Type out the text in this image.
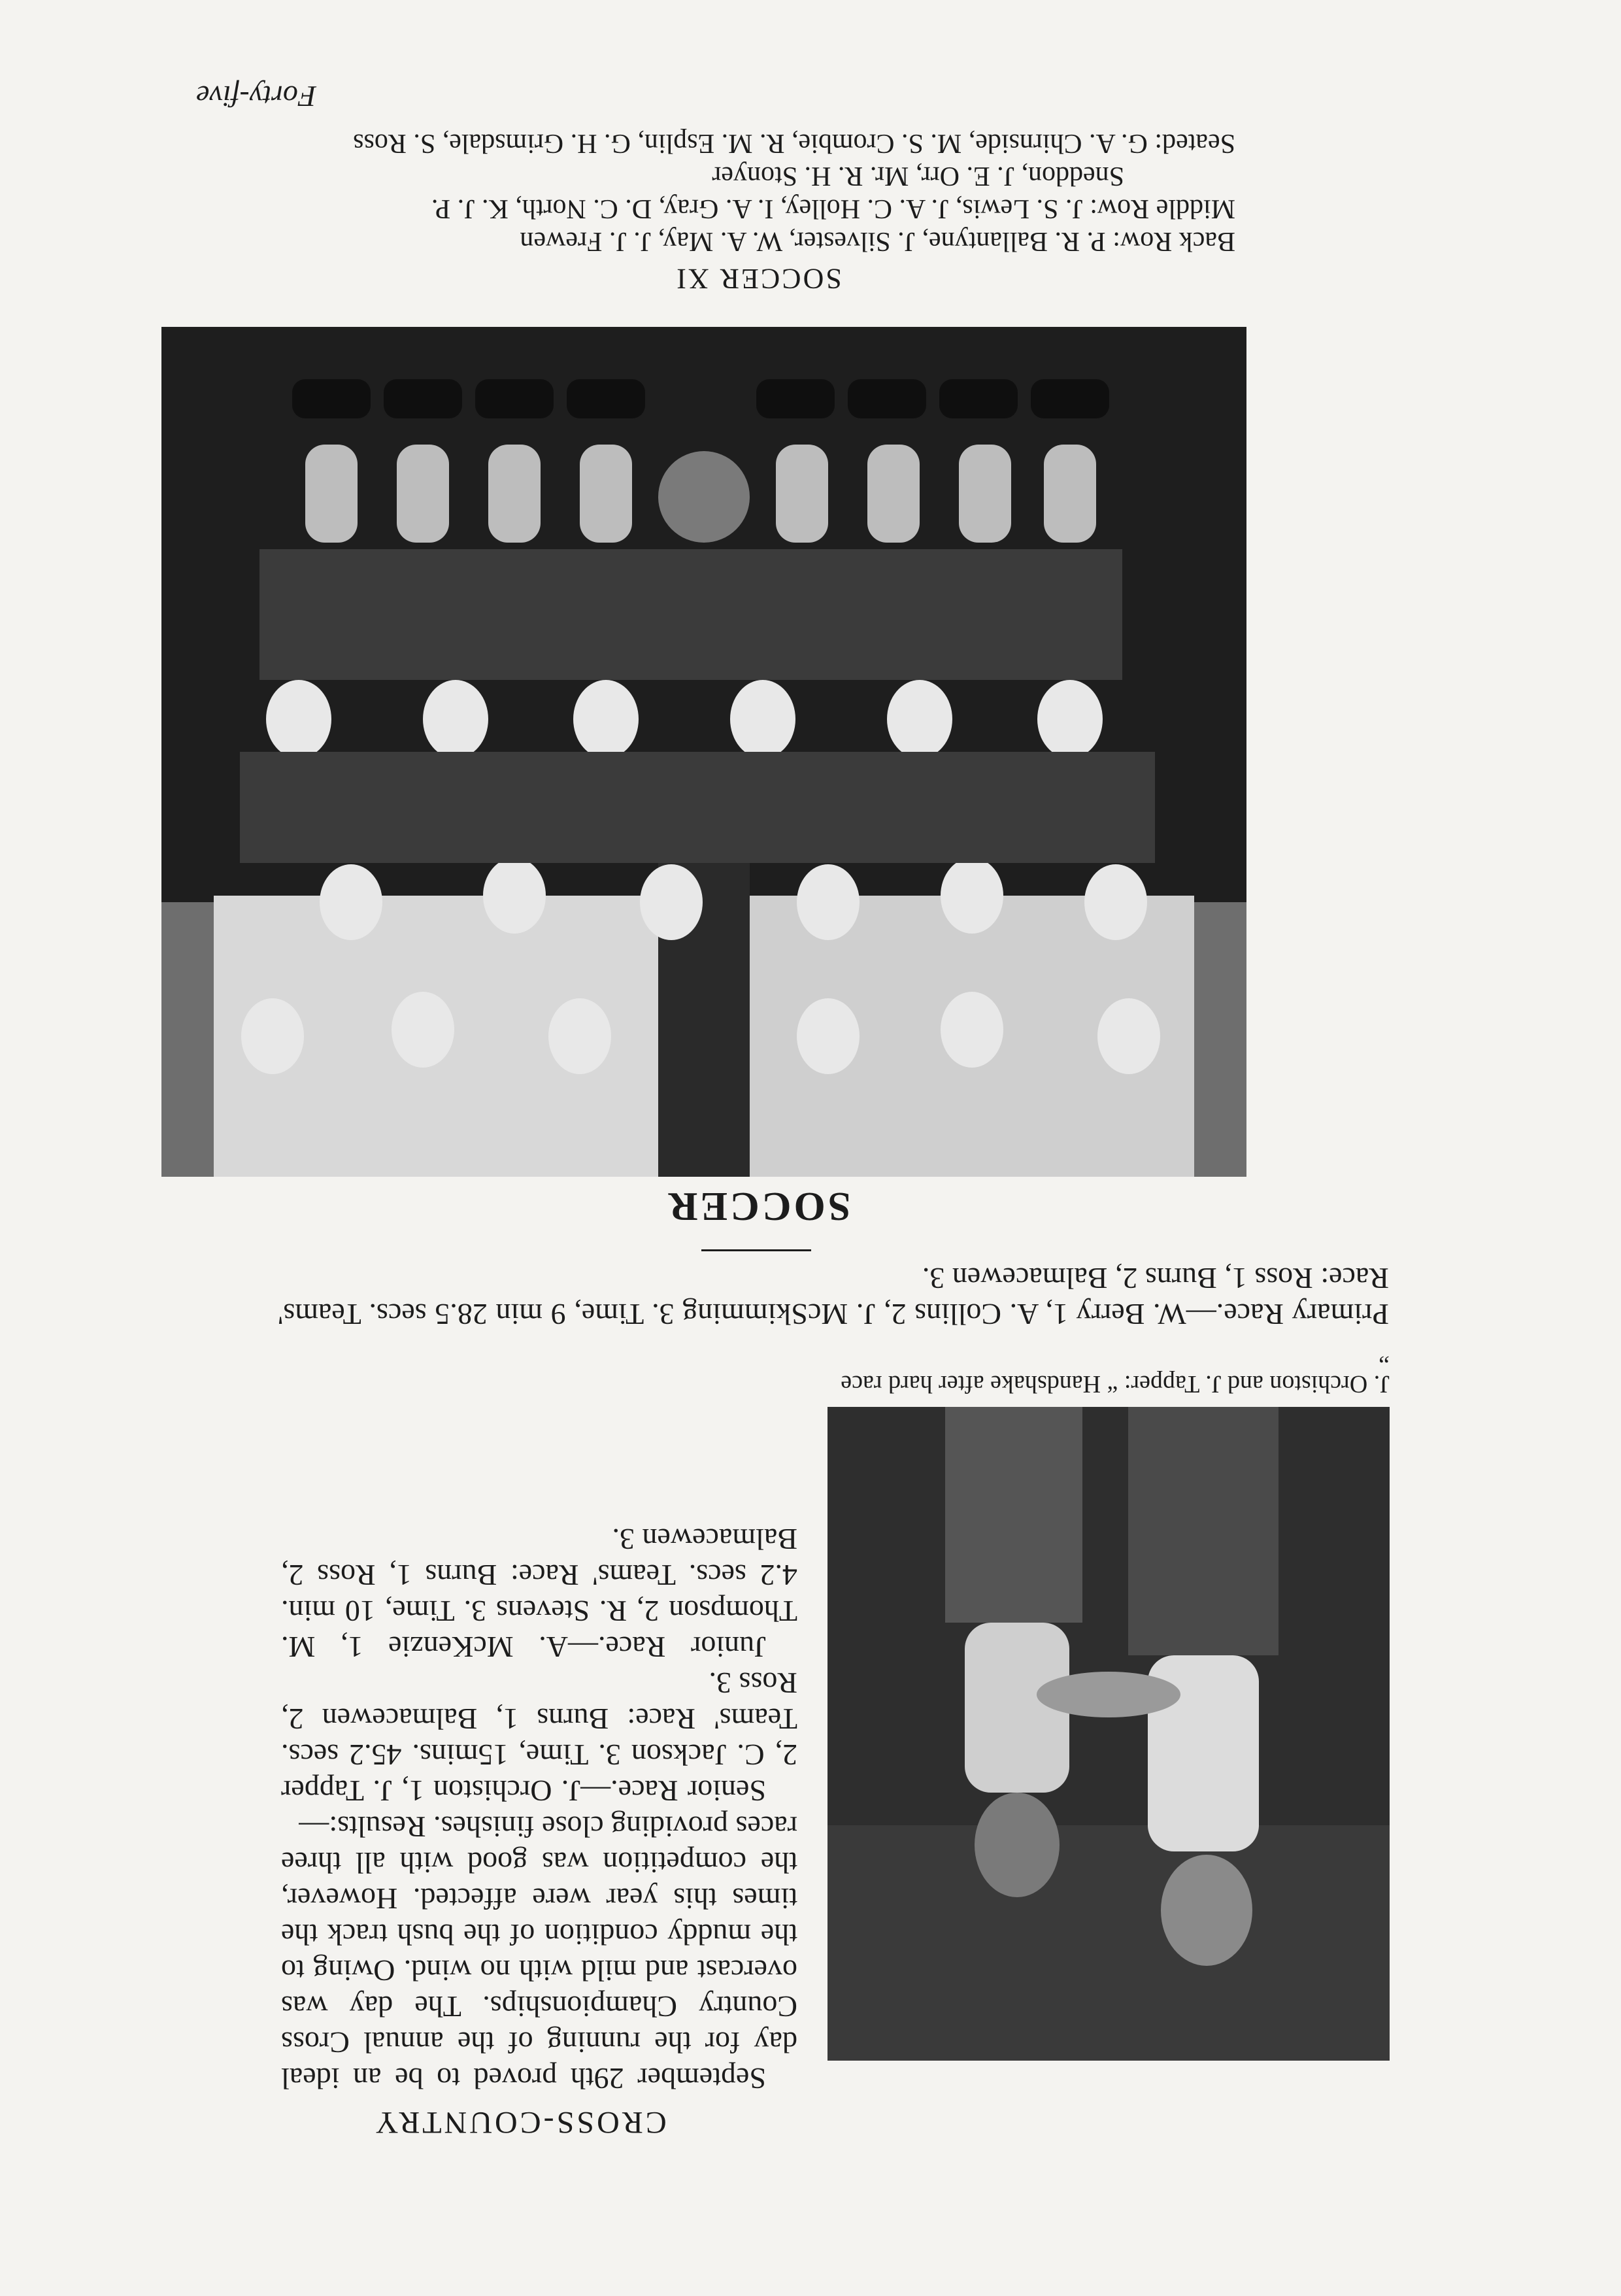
Forty-five
CROSS-COUNTRY

September 29th proved to be an ideal day for the running of the annual Cross Country Championships. The day was overcast and mild with no wind. Owing to the muddy condition of the bush track the times this year were affected. However, the competition was good with all three races providing close finishes. Results:—

Senior Race.—J. Orchiston 1, J. Tapper 2, C. Jackson 3. Time, 15mins. 45.2 secs. Teams' Race: Burns 1, Balmacewen 2, Ross 3.

Junior Race.—A. McKenzie 1, M. Thompson 2, R. Stevens 3. Time, 10 min. 4.2 secs. Teams' Race: Burns 1, Ross 2, Balmacewen 3.

J. Orchiston and J. Tapper: “ Handshake after hard race ”
Primary Race.—W. Berry 1, A. Collins 2, J. McSkimming 3. Time, 9 min 28.5 secs. Teams' Race: Ross 1, Burns 2, Balmacewen 3.
SOCCER
SOCCER XI
Back Row: P. R. Ballantyne, J. Silvester, W. A. May, J. J. Frewen
Middle Row: J. S. Lewis, J. A. C. Holley, I. A. Gray, D. C. North, K. J. P.
Sneddon, J. E. Orr, Mr. R. H. Stonyer
Seated: G. A. Chirnside, M. S. Crombie, R. M. Esplin, G. H. Grimsdale, S. Ross
